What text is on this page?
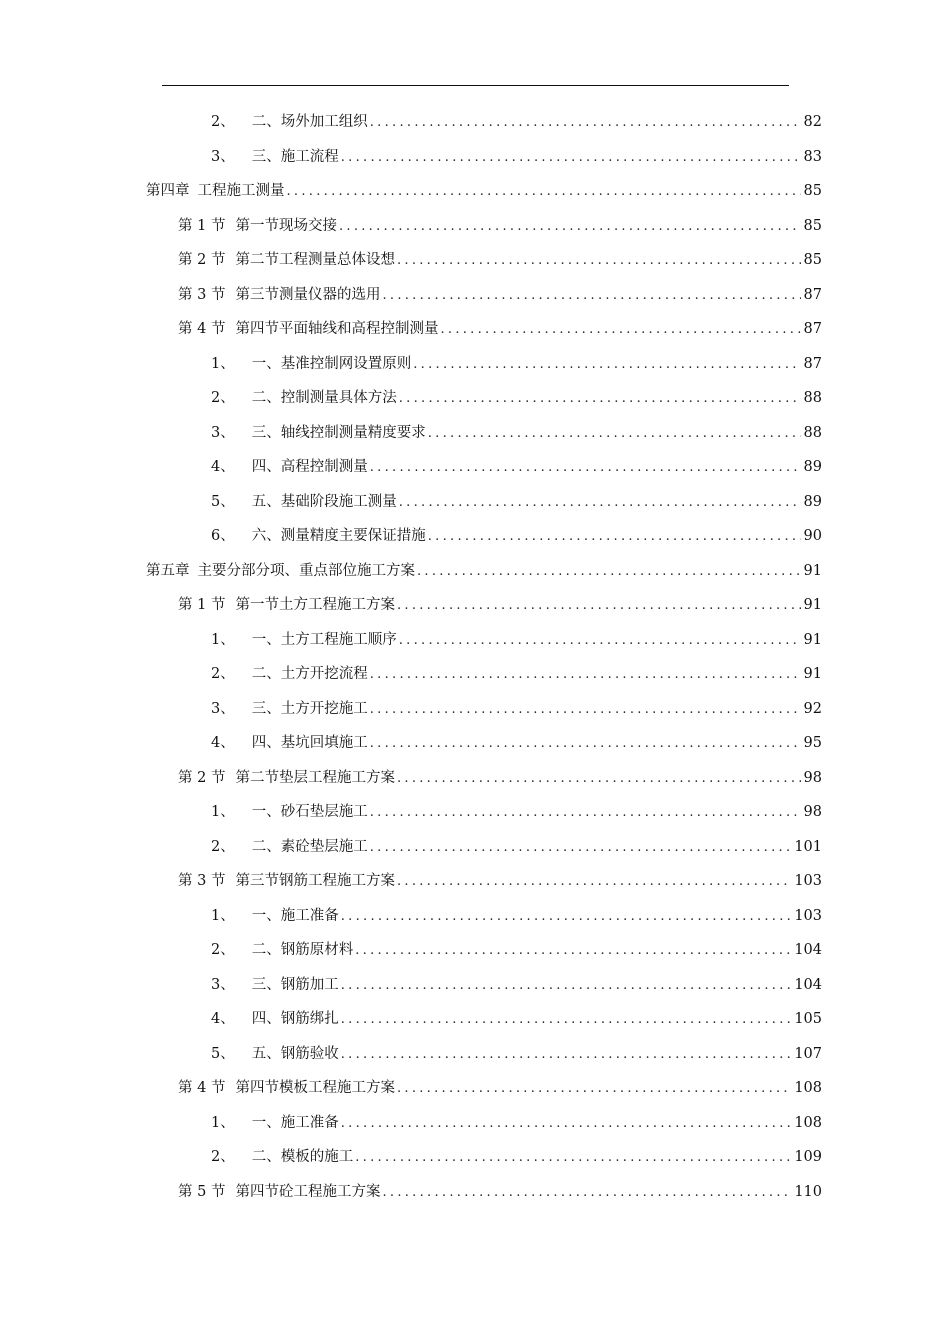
2、 二、场外加工组织 .....	82
3、 三、施工流程 .....	83
第四章 工程施工测量 .....	85
第 1 节 第一节现场交接 .....	85
第 2 节 第二节工程测量总体设想 .....	85
第 3 节 第三节测量仪器的选用 .....	87
第 4 节 第四节平面轴线和高程控制测量 .....	87
1、 一、基准控制网设置原则 .....	87
2、 二、控制测量具体方法 .....	88
3、 三、轴线控制测量精度要求 .....	88
4、 四、高程控制测量 .....	89
5、 五、基础阶段施工测量 .....	89
6、 六、测量精度主要保证措施 .....	90
第五章 主要分部分项、重点部位施工方案 .....	91
第 1 节 第一节土方工程施工方案 .....	91
1、 一、土方工程施工顺序 .....	91
2、 二、土方开挖流程 .....	91
3、 三、土方开挖施工 .....	92
4、 四、基坑回填施工 .....	95
第 2 节 第二节垫层工程施工方案 .....	98
1、 一、砂石垫层施工 .....	98
2、 二、素砼垫层施工 .....	101
第 3 节 第三节钢筋工程施工方案 .....	103
1、 一、施工准备 .....	103
2、 二、钢筋原材料 .....	104
3、 三、钢筋加工 .....	104
4、 四、钢筋绑扎 .....	105
5、 五、钢筋验收 .....	107
第 4 节 第四节模板工程施工方案 .....	108
1、 一、施工准备 .....	108
2、 二、模板的施工 .....	109
第 5 节 第四节砼工程施工方案 .....	110
